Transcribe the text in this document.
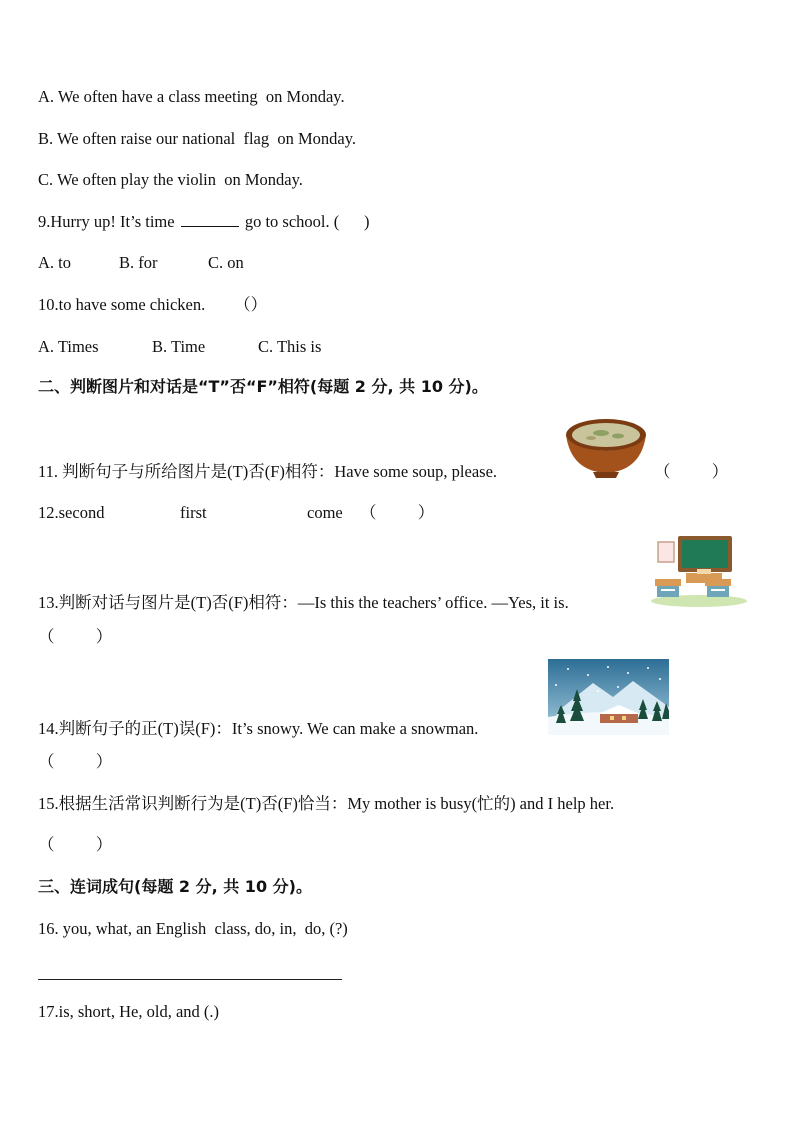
A. We often have a class meeting  on Monday.
B. We often raise our national  flag  on Monday.
C. We often play the violin  on Monday.
9.Hurry up! It’s time	go to school. (      )
A. to	B. for	C. on
10.to have some chicken.       （）
A. Times	B. Time	C. This is
二、判断图片和对话是“T”否“F”相符(每题 2 分, 共 10 分)。
11. 判断句子与所给图片是(T)否(F)相符：Have some soup, please.	（          ）
12.second	first	come （          ）
13.判断对话与图片是(T)否(F)相符：—Is this the teachers’ office. —Yes, it is.
（          ）
14.判断句子的正(T)误(F)：It’s snowy. We can make a snowman.
（          ）
15.根据生活常识判断行为是(T)否(F)恰当：My mother is busy(忙的) and I help her.
（          ）
三、连词成句(每题 2 分, 共 10 分)。
16. you, what, an English  class, do, in,  do, (?)
17.is, short, He, old, and (.)
